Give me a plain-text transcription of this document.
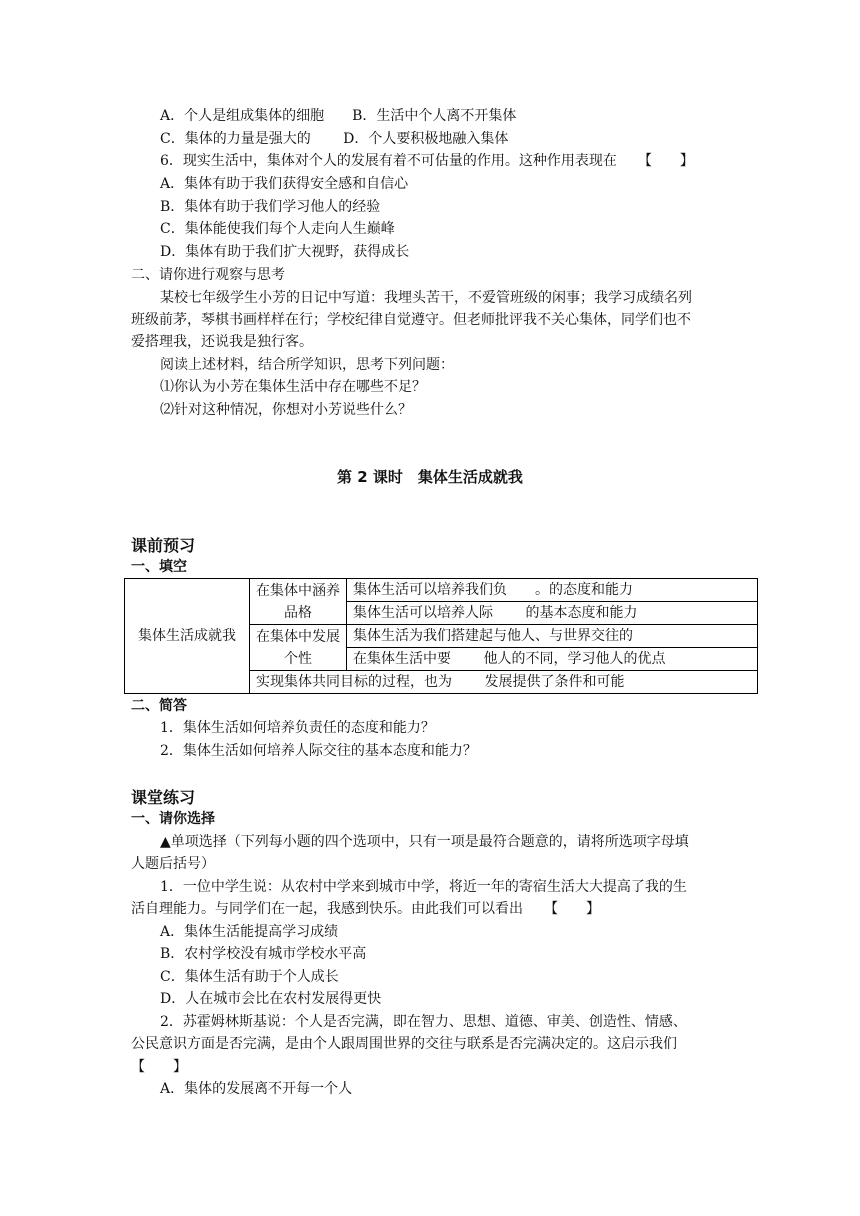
A．个人是组成集体的细胞　　B．生活中个人离不开集体
C．集体的力量是强大的　　 D．个人要积极地融入集体
6．现实生活中，集体对个人的发展有着不可估量的作用。这种作用表现在　　【　　】
A．集体有助于我们获得安全感和自信心
B．集体有助于我们学习他人的经验
C．集体能使我们每个人走向人生巅峰
D．集体有助于我们扩大视野，获得成长
二、请你进行观察与思考
某校七年级学生小芳的日记中写道：我埋头苦干，不爱管班级的闲事；我学习成绩名列
班级前茅，琴棋书画样样在行；学校纪律自觉遵守。但老师批评我不关心集体，同学们也不
爱搭理我，还说我是独行客。
阅读上述材料，结合所学知识，思考下列问题：
⑴你认为小芳在集体生活中存在哪些不足？
⑵针对这种情况，你想对小芳说些什么？
第 2 课时　集体生活成就我
课前预习
一、填空
集体生活成就我	在集体中涵养品格	集体生活可以培养我们负　　。的态度和能力
		集体生活可以培养人际　　 的基本态度和能力
	在集体中发展个性	集体生活为我们搭建起与他人、与世界交往的
		在集体生活中要　　 他人的不同，学习他人的优点
	实现集体共同目标的过程，也为　　 发展提供了条件和可能	
二、简答
1．集体生活如何培养负责任的态度和能力？
2．集体生活如何培养人际交往的基本态度和能力？
课堂练习
一、请你选择
▲单项选择（下列每小题的四个选项中，只有一项是最符合题意的，请将所选项字母填
人题后括号）
1．一位中学生说：从农村中学来到城市中学，将近一年的寄宿生活大大提高了我的生
活自理能力。与同学们在一起，我感到快乐。由此我们可以看出　　【　　】
A．集体生活能提高学习成绩
B．农村学校没有城市学校水平高
C．集体生活有助于个人成长
D．人在城市会比在农村发展得更快
2．苏霍姆林斯基说：个人是否完满，即在智力、思想、道德、审美、创造性、情感、
公民意识方面是否完满，是由个人跟周围世界的交往与联系是否完满决定的。这启示我们
【　　】
A．集体的发展离不开每一个人
